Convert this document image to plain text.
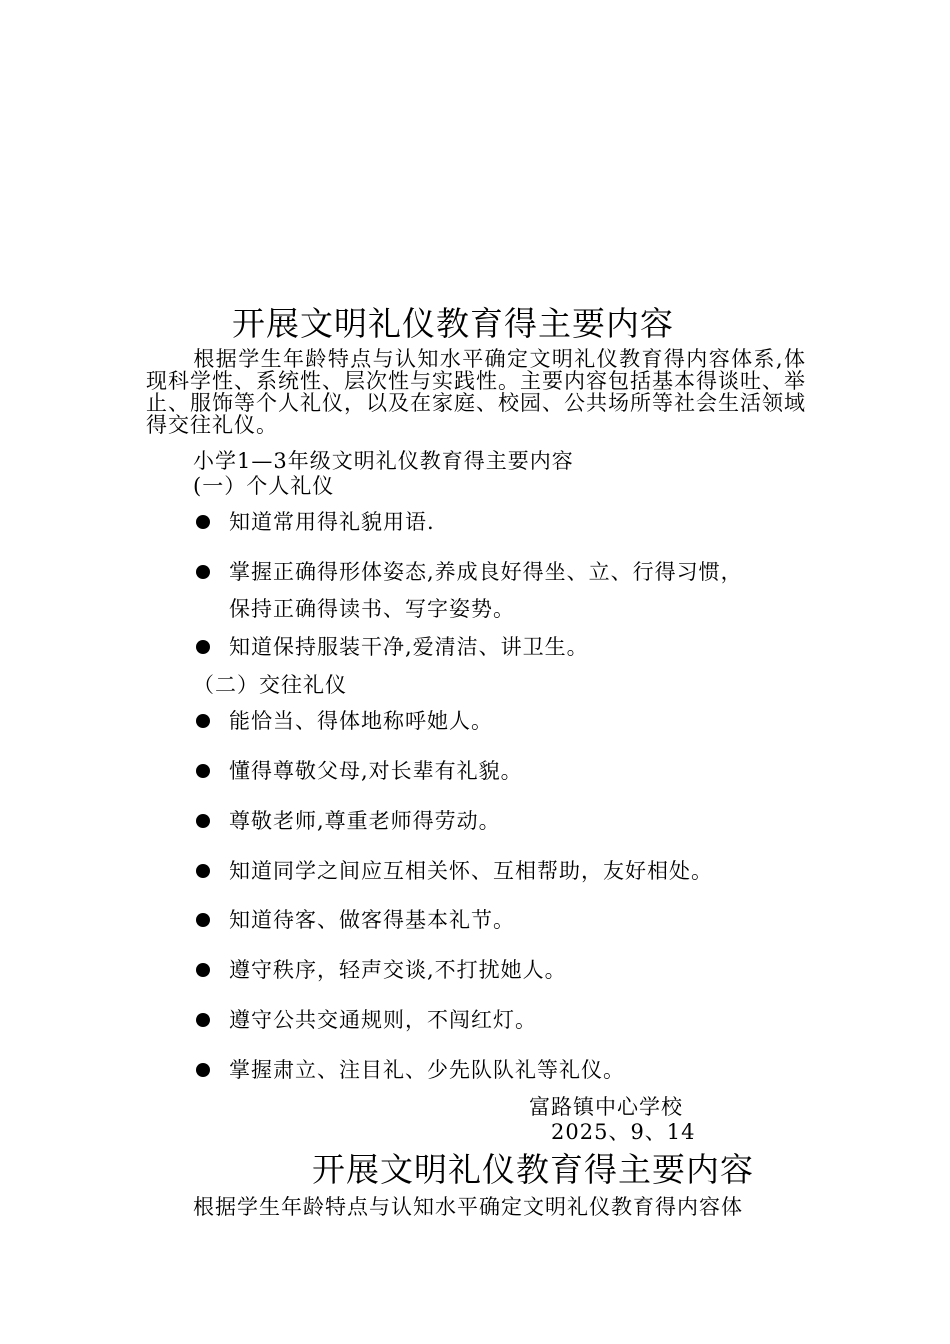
开展文明礼仪教育得主要内容
根据学生年龄特点与认知水平确定文明礼仪教育得内容体系,体现科学性、系统性、层次性与实践性。主要内容包括基本得谈吐、举止、服饰等个人礼仪，以及在家庭、校园、公共场所等社会生活领域得交往礼仪。
小学1—3年级文明礼仪教育得主要内容
(一）个人礼仪
知道常用得礼貌用语.
掌握正确得形体姿态,养成良好得坐、立、行得习惯，
保持正确得读书、写字姿势。
知道保持服装干净,爱清洁、讲卫生。
（二）交往礼仪
能恰当、得体地称呼她人。
懂得尊敬父母,对长辈有礼貌。
尊敬老师,尊重老师得劳动。
知道同学之间应互相关怀、互相帮助，友好相处。
知道待客、做客得基本礼节。
遵守秩序，轻声交谈,不打扰她人。
遵守公共交通规则，不闯红灯。
掌握肃立、注目礼、少先队队礼等礼仪。
富路镇中心学校
2025、9、14
开展文明礼仪教育得主要内容
根据学生年龄特点与认知水平确定文明礼仪教育得内容体
